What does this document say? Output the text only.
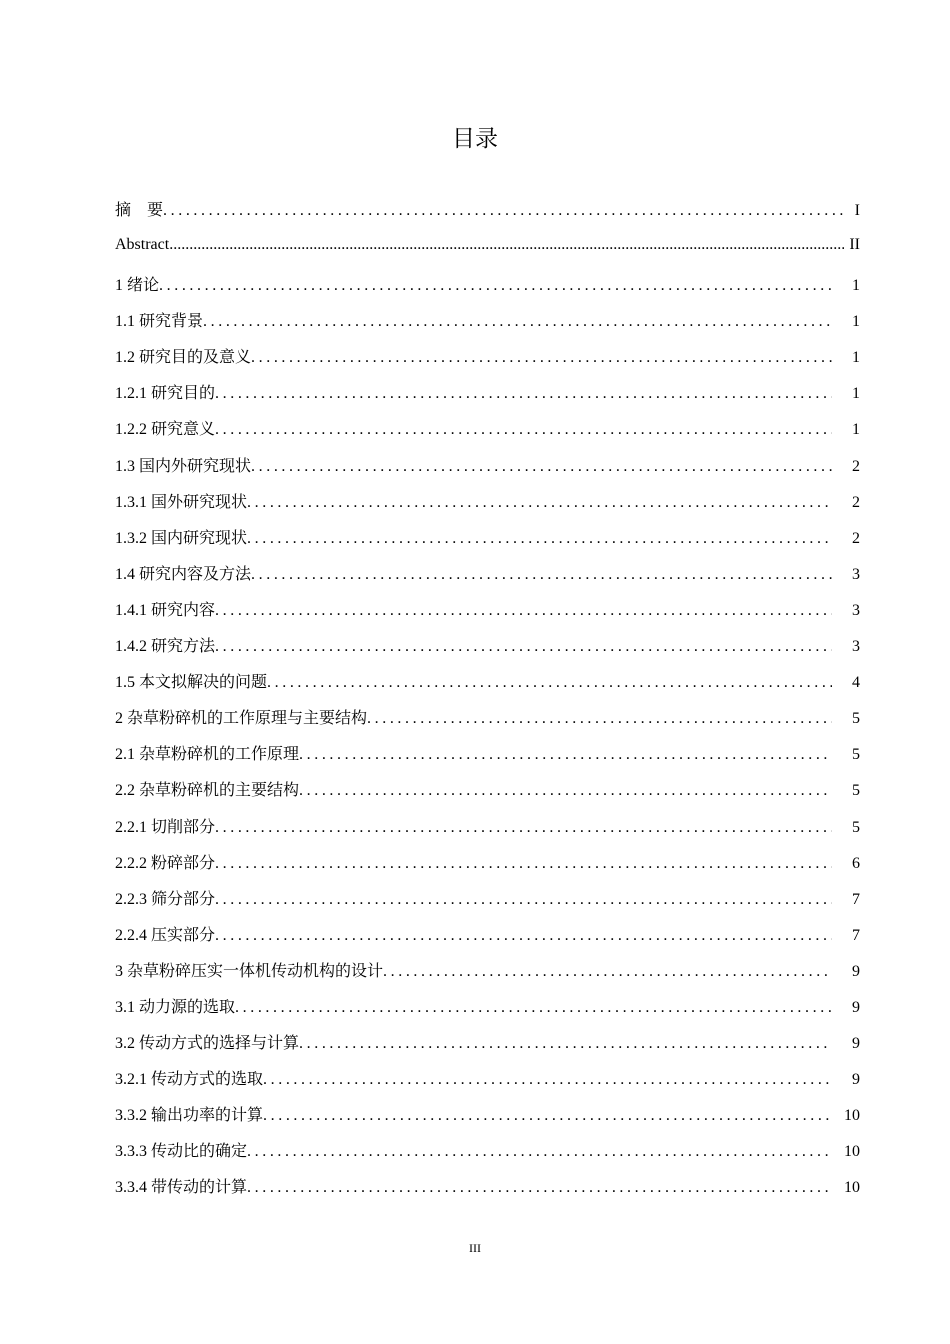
目录
摘　要 .....	I
Abstract .....	II
1 绪论 .....	1
1.1 研究背景 .....	1
1.2 研究目的及意义 .....	1
1.2.1 研究目的 .....	1
1.2.2 研究意义 .....	1
1.3 国内外研究现状 .....	2
1.3.1 国外研究现状 .....	2
1.3.2 国内研究现状 .....	2
1.4 研究内容及方法 .....	3
1.4.1 研究内容 .....	3
1.4.2 研究方法 .....	3
1.5 本文拟解决的问题 .....	4
2 杂草粉碎机的工作原理与主要结构 .....	5
2.1 杂草粉碎机的工作原理 .....	5
2.2 杂草粉碎机的主要结构 .....	5
2.2.1 切削部分 .....	5
2.2.2 粉碎部分 .....	6
2.2.3 筛分部分 .....	7
2.2.4 压实部分 .....	7
3 杂草粉碎压实一体机传动机构的设计 .....	9
3.1 动力源的选取 .....	9
3.2 传动方式的选择与计算 .....	9
3.2.1 传动方式的选取 .....	9
3.3.2 输出功率的计算 .....	10
3.3.3 传动比的确定 .....	10
3.3.4 带传动的计算 .....	10
III
